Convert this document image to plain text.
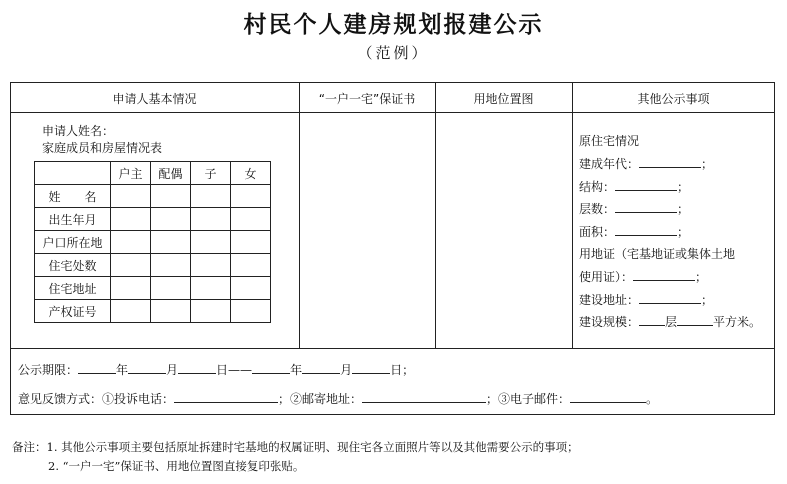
村民个人建房规划报建公示
（范例）
申请人基本情况	“一户一宅”保证书	用地位置图	其他公示事项
申请人姓名：
家庭成员和房屋情况表
	户主	配偶	子	女
姓　　名				
出生年月				
户口所在地				
住宅处数				
住宅地址				
产权证号				
原住宅情况
建成年代：	；
结构：	；
层数：	；
面积：	；
用地证（宅基地证或集体土地
使用证）：	；
建设地址：	；
建设规模： 层	平方米。
公示期限：	年	月	日——	年	月	日；
意见反馈方式：①投诉电话：	；②邮寄地址：	；③电子邮件：	。
备注：1. 其他公示事项主要包括原址拆建时宅基地的权属证明、现住宅各立面照片等以及其他需要公示的事项；
2. “一户一宅”保证书、用地位置图直接复印张贴。
